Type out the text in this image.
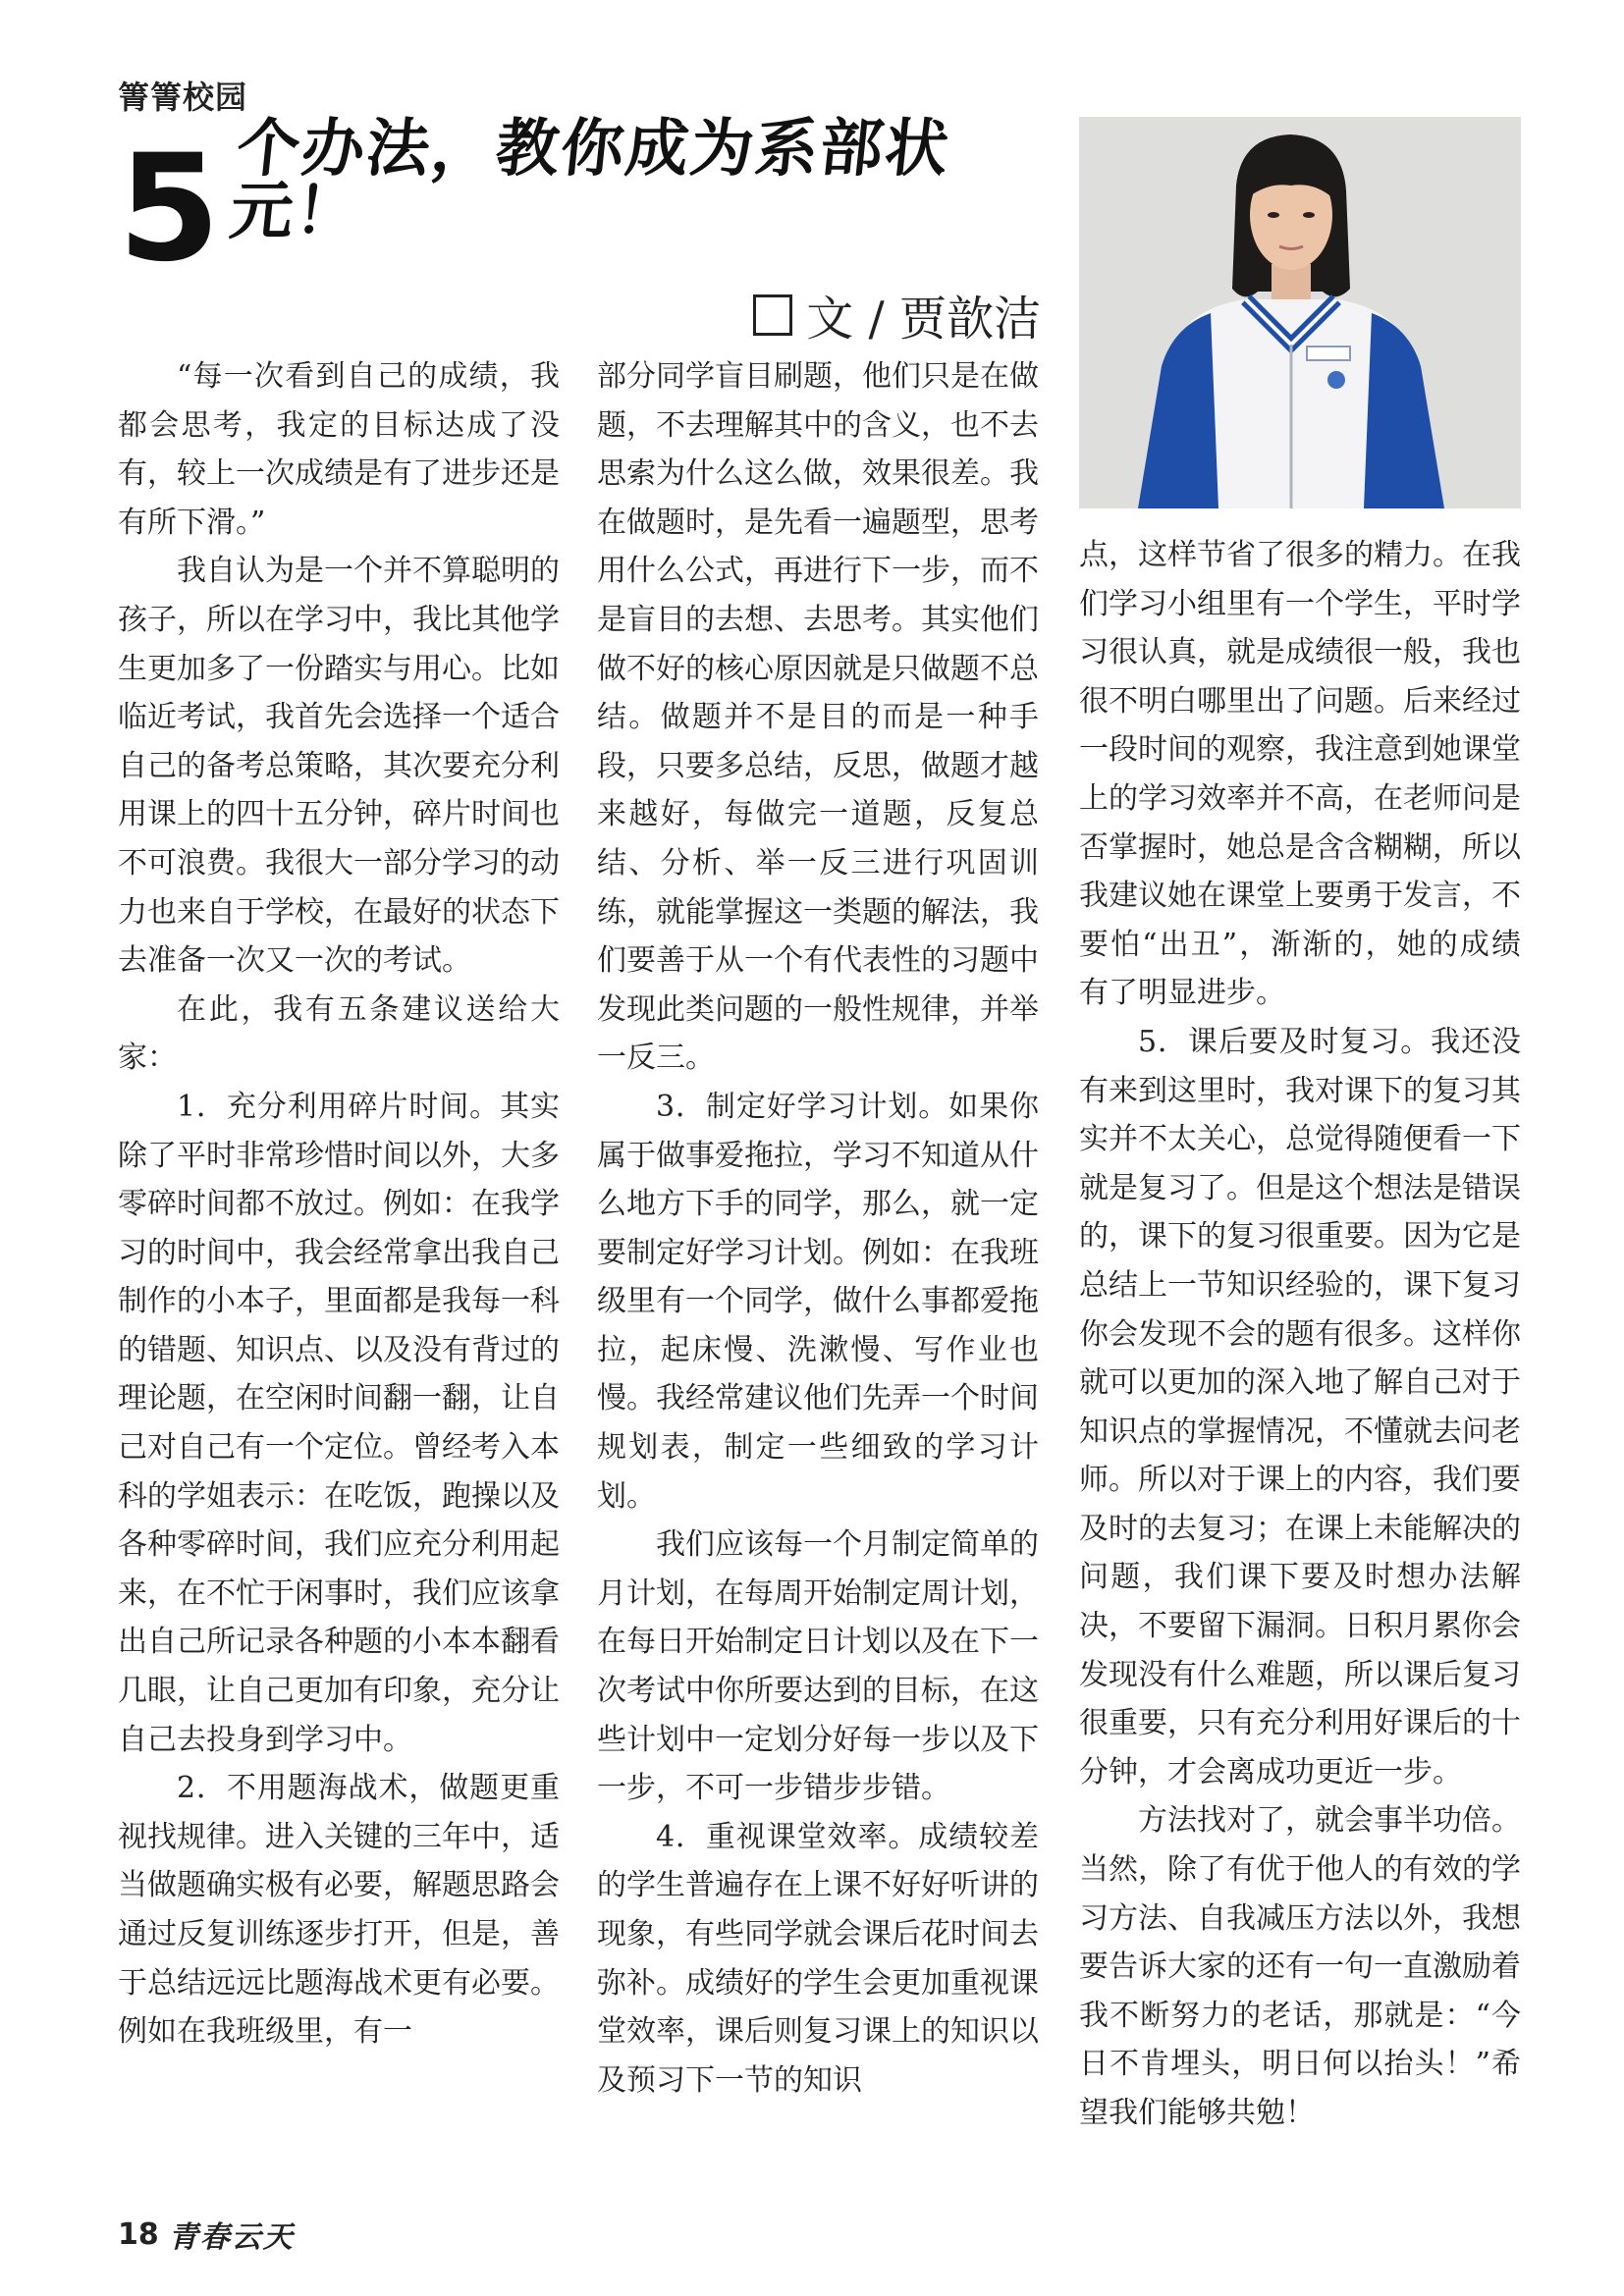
箐箐校园
5 个办法，教你成为系部状元！
文 / 贾歆洁

“每一次看到自己的成绩，我都会思考，我定的目标达成了没有，较上一次成绩是有了进步还是有所下滑。”

我自认为是一个并不算聪明的孩子，所以在学习中，我比其他学生更加多了一份踏实与用心。比如临近考试，我首先会选择一个适合自己的备考总策略，其次要充分利用课上的四十五分钟，碎片时间也不可浪费。我很大一部分学习的动力也来自于学校，在最好的状态下去准备一次又一次的考试。

在此，我有五条建议送给大家：

1．充分利用碎片时间。其实除了平时非常珍惜时间以外，大多零碎时间都不放过。例如：在我学习的时间中，我会经常拿出我自己制作的小本子，里面都是我每一科的错题、知识点、以及没有背过的理论题，在空闲时间翻一翻，让自己对自己有一个定位。曾经考入本科的学姐表示：在吃饭，跑操以及各种零碎时间，我们应充分利用起来，在不忙于闲事时，我们应该拿出自己所记录各种题的小本本翻看几眼，让自己更加有印象，充分让自己去投身到学习中。

2．不用题海战术，做题更重视找规律。进入关键的三年中，适当做题确实极有必要，解题思路会通过反复训练逐步打开，但是，善于总结远远比题海战术更有必要。例如在我班级里，有一

部分同学盲目刷题，他们只是在做题，不去理解其中的含义，也不去思索为什么这么做，效果很差。我在做题时，是先看一遍题型，思考用什么公式，再进行下一步，而不是盲目的去想、去思考。其实他们做不好的核心原因就是只做题不总结。做题并不是目的而是一种手段，只要多总结，反思，做题才越来越好，每做完一道题，反复总结、分析、举一反三进行巩固训练，就能掌握这一类题的解法，我们要善于从一个有代表性的习题中发现此类问题的一般性规律，并举一反三。

3．制定好学习计划。如果你属于做事爱拖拉，学习不知道从什么地方下手的同学，那么，就一定要制定好学习计划。例如：在我班级里有一个同学，做什么事都爱拖拉，起床慢、洗漱慢、写作业也慢。我经常建议他们先弄一个时间规划表，制定一些细致的学习计划。

我们应该每一个月制定简单的月计划，在每周开始制定周计划，在每日开始制定日计划以及在下一次考试中你所要达到的目标，在这些计划中一定划分好每一步以及下一步，不可一步错步步错。

4．重视课堂效率。成绩较差的学生普遍存在上课不好好听讲的现象，有些同学就会课后花时间去弥补。成绩好的学生会更加重视课堂效率，课后则复习课上的知识以及预习下一节的知识

点，这样节省了很多的精力。在我们学习小组里有一个学生，平时学习很认真，就是成绩很一般，我也很不明白哪里出了问题。后来经过一段时间的观察，我注意到她课堂上的学习效率并不高，在老师问是否掌握时，她总是含含糊糊，所以我建议她在课堂上要勇于发言，不要怕“出丑”，渐渐的，她的成绩有了明显进步。

5．课后要及时复习。我还没有来到这里时，我对课下的复习其实并不太关心，总觉得随便看一下就是复习了。但是这个想法是错误的，课下的复习很重要。因为它是总结上一节知识经验的，课下复习你会发现不会的题有很多。这样你就可以更加的深入地了解自己对于知识点的掌握情况，不懂就去问老师。所以对于课上的内容，我们要及时的去复习；在课上未能解决的问题，我们课下要及时想办法解决，不要留下漏洞。日积月累你会发现没有什么难题，所以课后复习很重要，只有充分利用好课后的十分钟，才会离成功更近一步。

方法找对了，就会事半功倍。当然，除了有优于他人的有效的学习方法、自我减压方法以外，我想要告诉大家的还有一句一直激励着我不断努力的老话，那就是：“今日不肯埋头，明日何以抬头！”希望我们能够共勉！

18 青春云天
